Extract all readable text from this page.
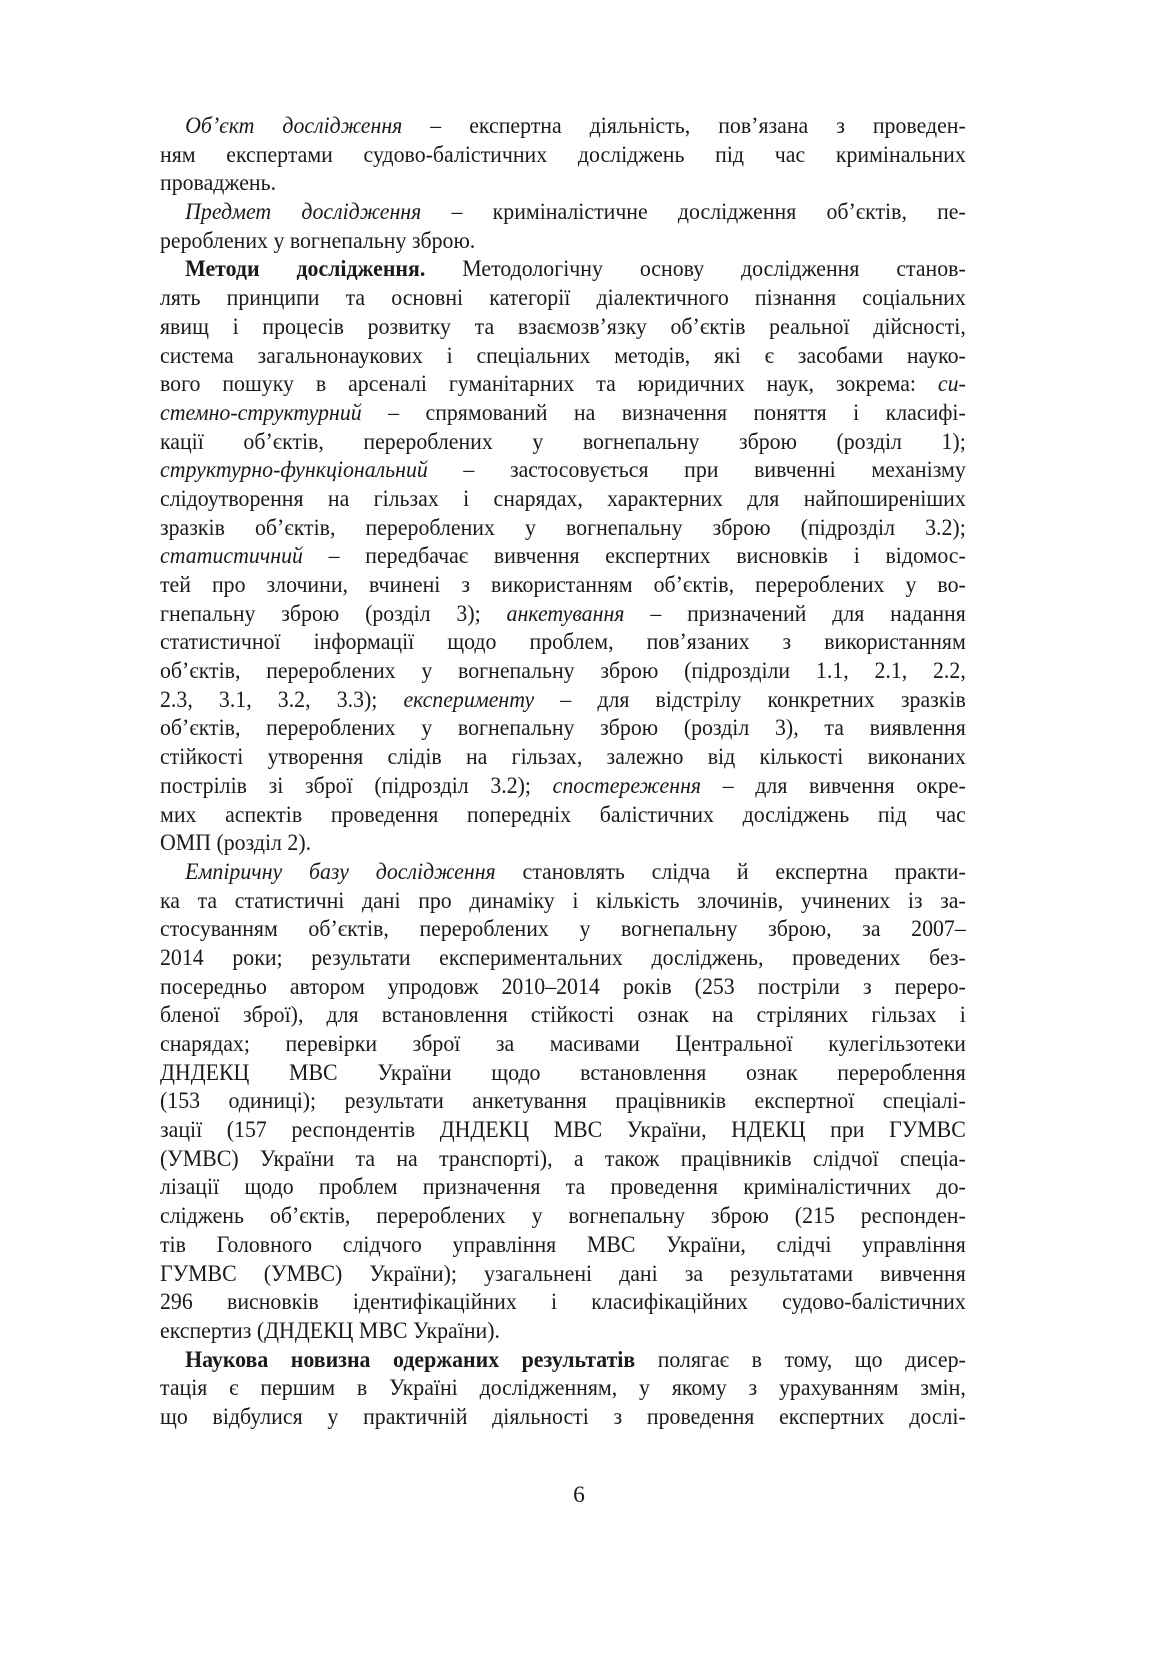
Об’єкт дослідження – експертна діяльність, пов’язана з проведен-
ням експертами судово-балістичних досліджень під час кримінальних
проваджень.
Предмет дослідження – криміналістичне дослідження об’єктів, пе-
рероблених у вогнепальну зброю.
Методи дослідження. Методологічну основу дослідження станов-
лять принципи та основні категорії діалектичного пізнання соціальних
явищ і процесів розвитку та взаємозв’язку об’єктів реальної дійсності,
система загальнонаукових і спеціальних методів, які є засобами науко-
вого пошуку в арсеналі гуманітарних та юридичних наук, зокрема: си-
стемно-структурний – спрямований на визначення поняття і класифі-
кації об’єктів, перероблених у вогнепальну зброю (розділ 1);
структурно-функціональний – застосовується при вивченні механізму
слідоутворення на гільзах і снарядах, характерних для найпоширеніших
зразків об’єктів, перероблених у вогнепальну зброю (підрозділ 3.2);
статистичний – передбачає вивчення експертних висновків і відомос-
тей про злочини, вчинені з використанням об’єктів, перероблених у во-
гнепальну зброю (розділ 3); анкетування – призначений для надання
статистичної інформації щодо проблем, пов’язаних з використанням
об’єктів, перероблених у вогнепальну зброю (підрозділи 1.1, 2.1, 2.2,
2.3, 3.1, 3.2, 3.3); експерименту – для відстрілу конкретних зразків
об’єктів, перероблених у вогнепальну зброю (розділ 3), та виявлення
стійкості утворення слідів на гільзах, залежно від кількості виконаних
пострілів зі зброї (підрозділ 3.2); спостереження – для вивчення окре-
мих аспектів проведення попередніх балістичних досліджень під час
ОМП (розділ 2).
Емпіричну базу дослідження становлять слідча й експертна практи-
ка та статистичні дані про динаміку і кількість злочинів, учинених із за-
стосуванням об’єктів, перероблених у вогнепальну зброю, за 2007–
2014 роки; результати експериментальних досліджень, проведених без-
посередньо автором упродовж 2010–2014 років (253 постріли з переро-
бленої зброї), для встановлення стійкості ознак на стріляних гільзах і
снарядах; перевірки зброї за масивами Центральної кулегільзотеки
ДНДЕКЦ МВС України щодо встановлення ознак перероблення
(153 одиниці); результати анкетування працівників експертної спеціалі-
зації (157 респондентів ДНДЕКЦ МВС України, НДЕКЦ при ГУМВС
(УМВС) України та на транспорті), а також працівників слідчої спеціа-
лізації щодо проблем призначення та проведення криміналістичних до-
сліджень об’єктів, перероблених у вогнепальну зброю (215 респонден-
тів Головного слідчого управління МВС України, слідчі управління
ГУМВС (УМВС) України); узагальнені дані за результатами вивчення
296 висновків ідентифікаційних і класифікаційних судово-балістичних
експертиз (ДНДЕКЦ МВС України).
Наукова новизна одержаних результатів полягає в тому, що дисер-
тація є першим в Україні дослідженням, у якому з урахуванням змін,
що відбулися у практичній діяльності з проведення експертних дослі-
6
